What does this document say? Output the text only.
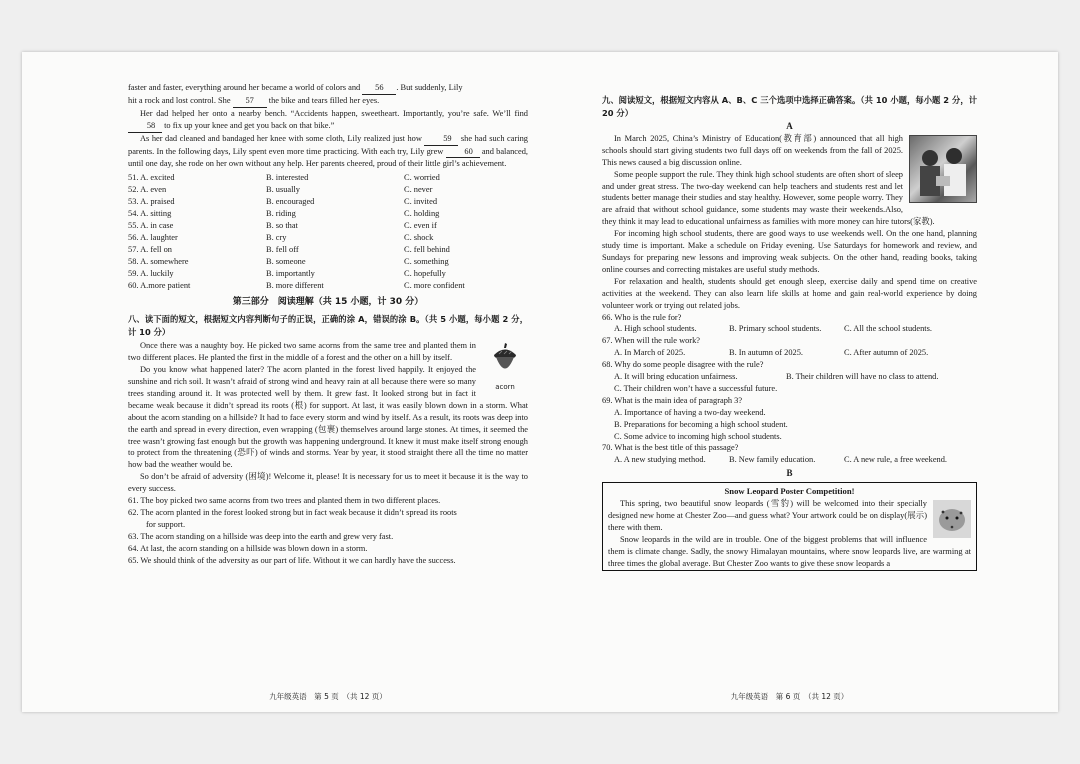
faster and faster, everything around her became a world of colors and 56 . But suddenly, Lily

hit a rock and lost control. She 57 the bike and tears filled her eyes.

Her dad helped her onto a nearby bench. “Accidents happen, sweetheart. Importantly, you’re safe. We’ll find 58 to fix up your knee and get you back on that bike.”

As her dad cleaned and bandaged her knee with some cloth, Lily realized just how 59 she had such caring parents. In the following days, Lily spent even more time practicing. With each try, Lily grew 60 and balanced, until one day, she rode on her own without any help. Her parents cheered, proud of their little girl’s achievement.

51. A. excited	B. interested	C. worried
52. A. even	B. usually	C. never
53. A. praised	B. encouraged	C. invited
54. A. sitting	B. riding	C. holding
55. A. in case	B. so that	C. even if
56. A. laughter	B. cry	C. shock
57. A. fell on	B. fell off	C. fell behind
58. A. somewhere	B. someone	C. something
59. A. luckily	B. importantly	C. hopefully
60. A.more patient	B. more different	C. more confident
第三部分　阅读理解（共 15 小题，计 30 分）

八、读下面的短文，根据短文内容判断句子的正误，正确的涂 A，错误的涂 B。（共 5 小题，每小题 2 分，计 10 分）

acorn

Once there was a naughty boy. He picked two same acorns from the same tree and planted them in two different places. He planted the first in the middle of a forest and the other on a hill by itself.

Do you know what happened later? The acorn planted in the forest lived happily. It enjoyed the sunshine and rich soil. It wasn’t afraid of strong wind and heavy rain at all because there were so many trees standing around it. It was protected well by them. It grew fast. It looked strong but in fact it became weak because it didn’t spread its roots (根) for support. At last, it was easily blown down in a storm. What about the acorn standing on a hillside? It had to face every storm and wind by itself. As a result, its roots was deep into the earth and spread in every direction, even wrapping (包裹) themselves around large stones. At times, it seemed the tree wasn’t growing fast enough but the growth was happening underground. It knew it must make itself strong enough to protect from the threatening (恐吓) of winds and storms. Year by year, it stood straight there all the time no matter how bad the weather would be.

So don’t be afraid of adversity (困境)! Welcome it, please! It is necessary for us to meet it because it is the way to every success.

61. The boy picked two same acorns from two trees and planted them in two different places.

62. The acorn planted in the forest looked strong but in fact weak because it didn’t spread its roots

for support.

63. The acorn standing on a hillside was deep into the earth and grew very fast.

64. At last, the acorn standing on a hillside was blown down in a storm.

65. We should think of the adversity as our part of life. Without it we can hardly have the success.

九年级英语　第 5 页　（共 12 页）

九、阅读短文，根据短文内容从 A、B、C 三个选项中选择正确答案。（共 10 小题，每小题 2 分，计 20 分）

A

In March 2025, China’s Ministry of Education(教育部) announced that all high schools should start giving students two full days off on weekends from the fall of 2025. This news caused a big discussion online.

Some people support the rule. They think high school students are often short of sleep and under great stress. The two-day weekend can help teachers and students rest and let students better manage their studies and stay healthy. However, some people worry. They are afraid that without school guidance, some students may waste their weekends.Also, they think it may lead to educational unfairness as families with more money can hire tutors(家教).

For incoming high school students, there are good ways to use weekends well. On the one hand, planning study time is important. Make a schedule on Friday evening. Use Saturdays for homework and review, and Sundays for preparing new lessons and improving weak subjects. On the other hand, reading books, taking online courses and correcting mistakes are useful study methods.

For relaxation and health, students should get enough sleep, exercise daily and spend time on creative activities at the weekend. They can also learn life skills at home and gain real-world experience by doing volunteer work or trying out related jobs.

66. Who is the rule for?

A. High school students.	B. Primary school students.	C. All the school students.

67. When will the rule work?

A. In March of 2025.	B. In autumn of 2025.	C. After autumn of 2025.

68. Why do some people disagree with the rule?

A. It will bring education unfairness.	B. Their children will have no class to attend.

C. Their children won’t have a successful future.

69. What is the main idea of paragraph 3?

A. Importance of having a two-day weekend.

B. Preparations for becoming a high school student.

C. Some advice to incoming high school students.

70. What is the best title of this passage?

A. A new studying method.	B. New family education.	C. A new rule, a free weekend.
B
Snow Leopard Poster Competition!

This spring, two beautiful snow leopards (雪豹) will be welcomed into their specially designed new home at Chester Zoo—and guess what? Your artwork could be on display(展示) there with them.

Snow leopards in the wild are in trouble. One of the biggest problems that will influence them is climate change. Sadly, the snowy Himalayan mountains, where snow leopards live, are warming at three times the global average. But Chester Zoo wants to give these snow leopards a

九年级英语　第 6 页　（共 12 页）
